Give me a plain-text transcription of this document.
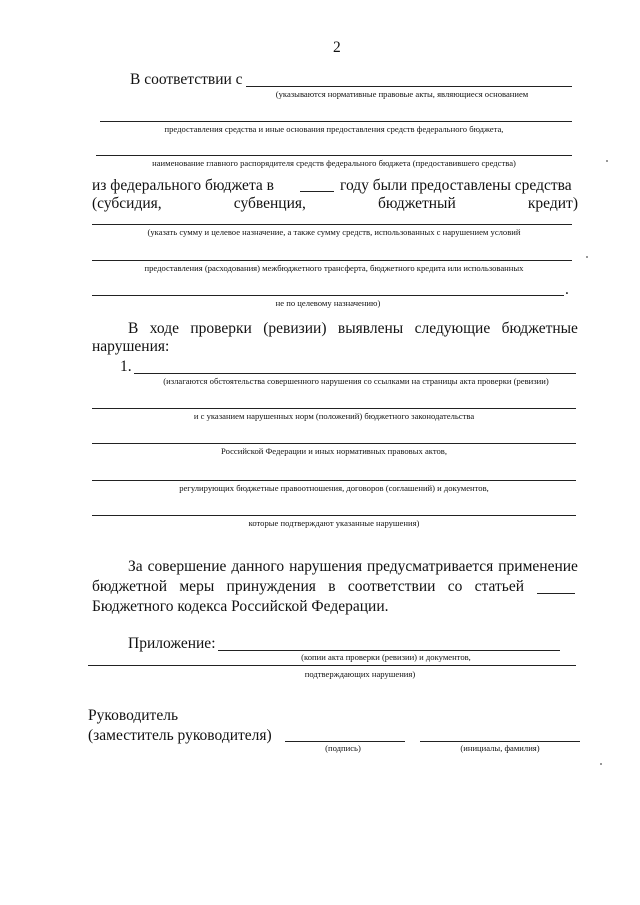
2
В соответствии с
(указываются нормативные правовые акты, являющиеся основанием
предоставления средства и иные основания предоставления средств федерального бюджета,
наименование главного распорядителя средств федерального бюджета (предоставившего средства)
из федерального бюджета в	году были предоставлены средства
(субсидия,	субвенция,	бюджетный	кредит)
(указать сумму и целевое назначение, а также сумму средств, использованных с нарушением условий
предоставления (расходования) межбюджетного трансферта, бюджетного кредита или использованных
.
не по целевому назначению)
В ходе проверки (ревизии) выявлены следующие бюджетные
нарушения:
1.
(излагаются обстоятельства совершенного нарушения со ссылками на страницы акта проверки (ревизии)
и с указанием нарушенных норм (положений) бюджетного законодательства
Российской Федерации и иных нормативных правовых актов,
регулирующих бюджетные правоотношения, договоров (соглашений) и документов,
которые подтверждают указанные нарушения)
За совершение данного нарушения предусматривается применение
бюджетной меры принуждения в соответствии со статьей
Бюджетного кодекса Российской Федерации.
Приложение:
(копии акта проверки (ревизии) и документов,
подтверждающих нарушения)
Руководитель
(заместитель руководителя)
(подпись)	(инициалы, фамилия)
